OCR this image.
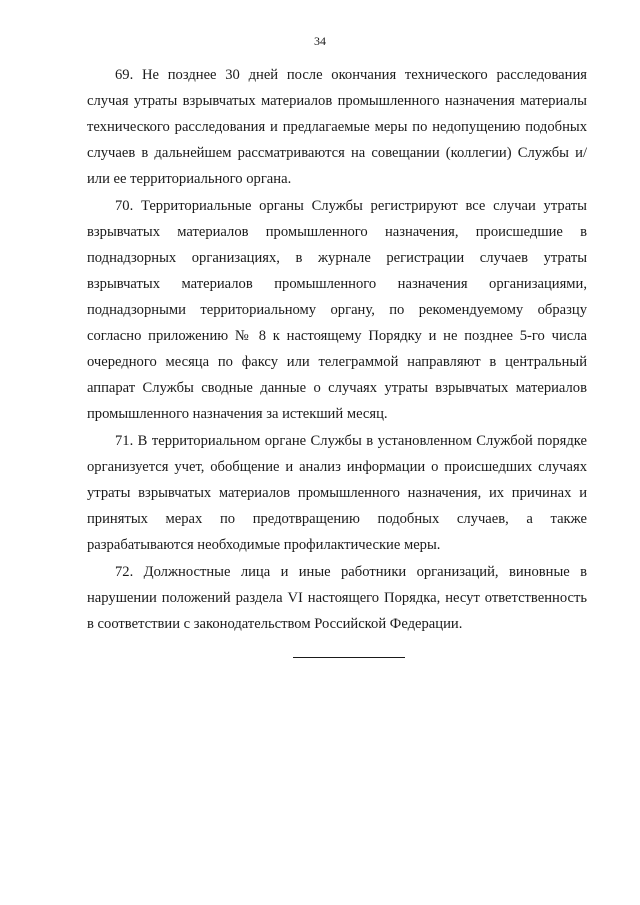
34

69. Не позднее 30 дней после окончания технического расследования случая утраты взрывчатых материалов промышленного назначения материалы технического расследования и предлагаемые меры по недопущению подобных случаев в дальнейшем рассматриваются на совещании (коллегии) Службы и/или ее территориального органа.

70. Территориальные органы Службы регистрируют все случаи утраты взрывчатых материалов промышленного назначения, происшедшие в поднадзорных организациях, в журнале регистрации случаев утраты взрывчатых материалов промышленного назначения организациями, поднадзорными территориальному органу, по рекомендуемому образцу согласно приложению № 8 к настоящему Порядку и не позднее 5-го числа очередного месяца по факсу или телеграммой направляют в центральный аппарат Службы сводные данные о случаях утраты взрывчатых материалов промышленного назначения за истекший месяц.

71. В территориальном органе Службы в установленном Службой порядке организуется учет, обобщение и анализ информации о происшедших случаях утраты взрывчатых материалов промышленного назначения, их причинах и принятых мерах по предотвращению подобных случаев, а также разрабатываются необходимые профилактические меры.

72. Должностные лица и иные работники организаций, виновные в нарушении положений раздела VI настоящего Порядка, несут ответственность в соответствии с законодательством Российской Федерации.
